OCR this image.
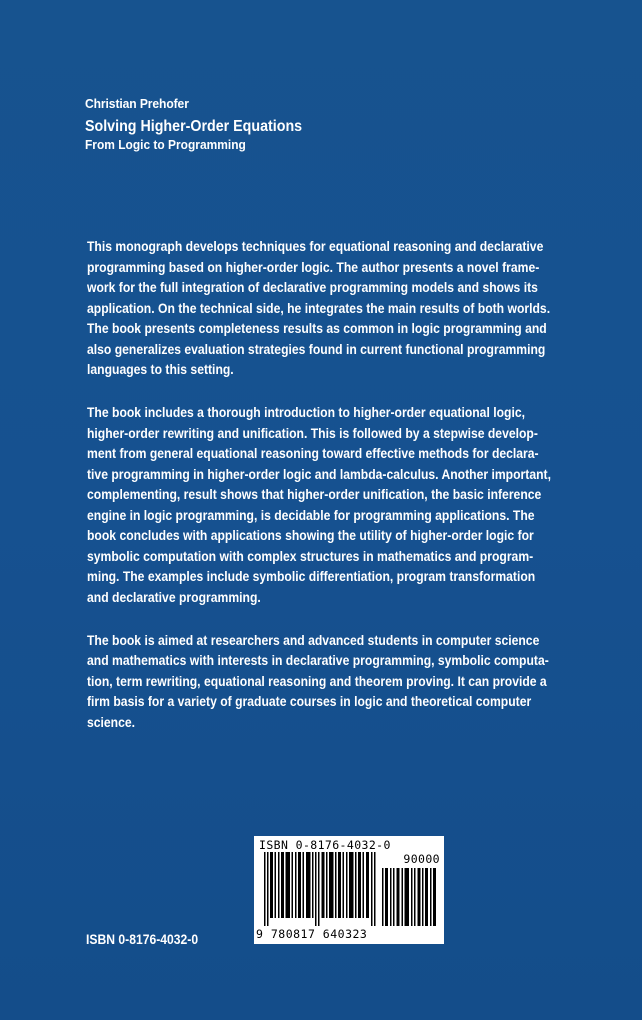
Christian Prehofer
Solving Higher-Order Equations
From Logic to Programming
This monograph develops techniques for equational reasoning and declarative
programming based on higher-order logic. The author presents a novel frame-
work for the full integration of declarative programming models and shows its
application. On the technical side, he integrates the main results of both worlds.
The book presents completeness results as common in logic programming and
also generalizes evaluation strategies found in current functional programming
languages to this setting.
The book includes a thorough introduction to higher-order equational logic,
higher-order rewriting and unification. This is followed by a stepwise develop-
ment from general equational reasoning toward effective methods for declara-
tive programming in higher-order logic and lambda-calculus. Another important,
complementing, result shows that higher-order unification, the basic inference
engine in logic programming, is decidable for programming applications. The
book concludes with applications showing the utility of higher-order logic for
symbolic computation with complex structures in mathematics and program-
ming. The examples include symbolic differentiation, program transformation
and declarative programming.
The book is aimed at researchers and advanced students in computer science
and mathematics with interests in declarative programming, symbolic computa-
tion, term rewriting, equational reasoning and theorem proving. It can provide a
firm basis for a variety of graduate courses in logic and theoretical computer
science.
ISBN 0-8176-4032-0
90000
9 780817 640323
ISBN 0-8176-4032-0
